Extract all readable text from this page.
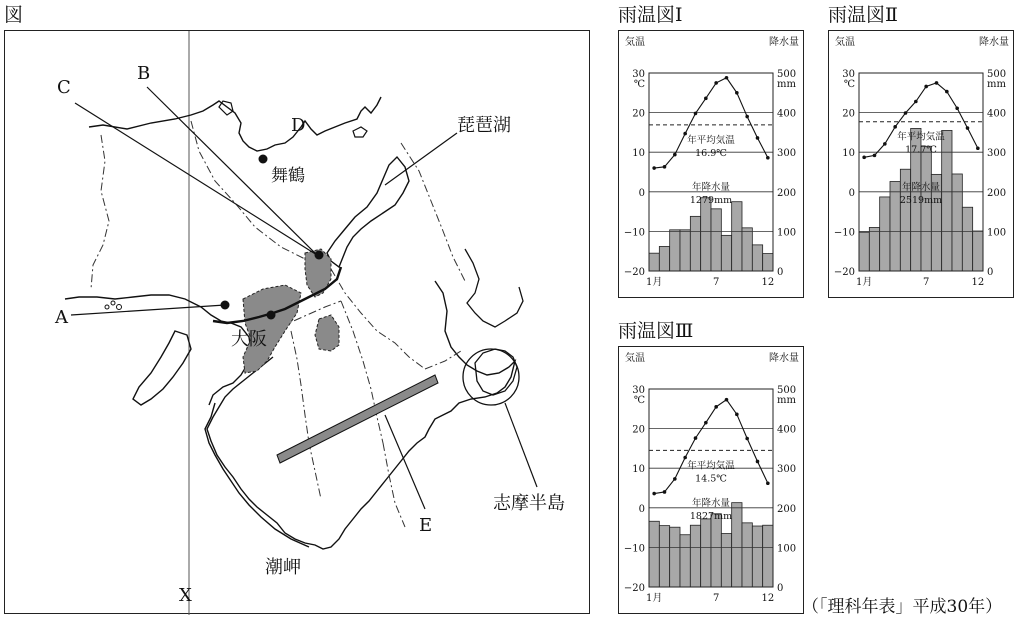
図
C
B
D
A
E
X
琵琶湖
舞鶴
大阪
志摩半島
潮岬
雨温図Ⅰ
気温	降水量
30
20
10
0
−10
−20
500
400
300
200
100
0
℃	mm
1月	7	12
年平均気温
16.9℃
年降水量
1279mm
雨温図Ⅱ
気温	降水量
30
20
10
0
−10
−20
500
400
300
200
100
0
℃	mm
1月	7	12
年平均気温
17.7℃
年降水量
2519mm
雨温図Ⅲ
気温	降水量
30
20
10
0
−10
−20
500
400
300
200
100
0
℃	mm
1月	7	12
年平均気温
14.5℃
年降水量
1827mm
（「理科年表」平成30年）
